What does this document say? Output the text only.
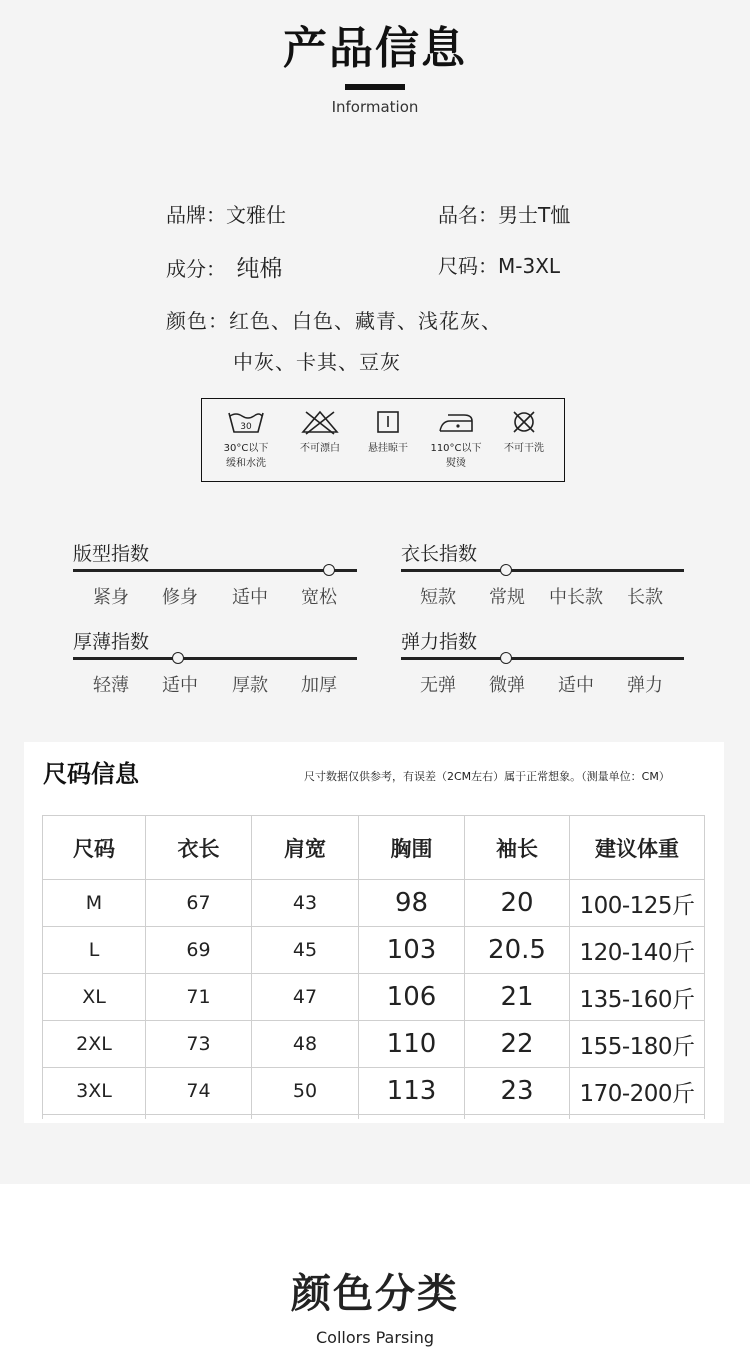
产品信息
Information
品牌：文雅仕	品名：男士T恤
成分： 纯棉	尺码：M-3XL
颜色：红色、白色、藏青、浅花灰、
中灰、卡其、豆灰
30
30°C以下
缓和水洗
不可漂白	悬挂晾干	110°C以下
熨烫
不可干洗
版型指数
紧身	修身	适中	宽松
衣长指数
短款	常规	中长款	长款
厚薄指数
轻薄	适中	厚款	加厚
弹力指数
无弹	微弹	适中	弹力
尺码信息	尺寸数据仅供参考，有误差（2CM左右）属于正常想象。（测量单位：CM）
尺码	衣长	肩宽	胸围	袖长	建议体重
M	67	43	98	20	100-125斤
L	69	45	103	20.5	120-140斤
XL	71	47	106	21	135-160斤
2XL	73	48	110	22	155-180斤
3XL	74	50	113	23	170-200斤

颜色分类
Collors Parsing
